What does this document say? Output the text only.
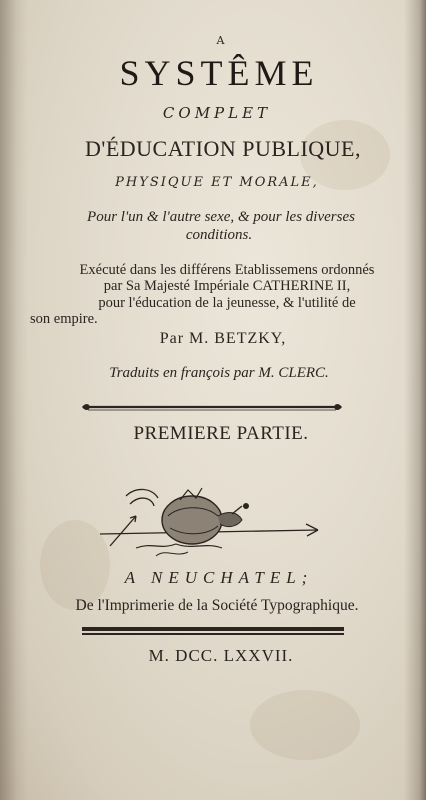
A
SYSTÊME
COMPLET
D'ÉDUCATION PUBLIQUE,
PHYSIQUE ET MORALE,
Pour l'un & l'autre sexe, & pour les diverses
conditions.
Exécuté dans les différens Etablissemens ordonnés
par Sa Majesté Impériale CATHERINE II,
pour l'éducation de la jeunesse, & l'utilité de
son empire.
Par M. BETZKY,
Traduits en françois par M. CLERC.
PREMIERE PARTIE.
A NEUCHATEL;
De l'Imprimerie de la Société Typographique.
M. DCC. LXXVII.
